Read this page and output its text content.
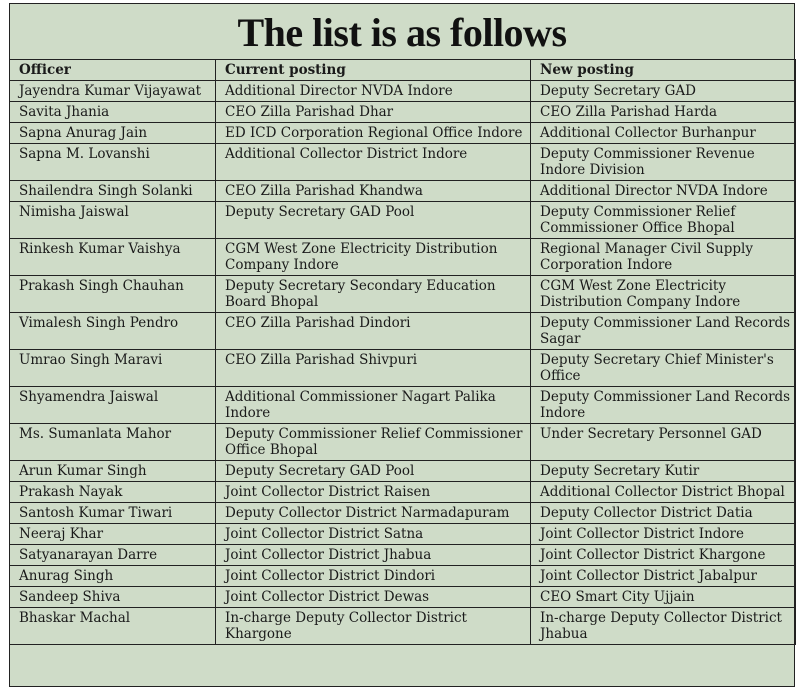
The list is as follows
Officer	Current posting	New posting
Jayendra Kumar Vijayawat	Additional Director NVDA Indore	Deputy Secretary GAD
Savita Jhania	CEO Zilla Parishad Dhar	CEO Zilla Parishad Harda
Sapna Anurag Jain	ED ICD Corporation Regional Office Indore	Additional Collector Burhanpur
Sapna M. Lovanshi	Additional Collector District Indore	Deputy Commissioner Revenue Indore Division
Shailendra Singh Solanki	CEO Zilla Parishad Khandwa	Additional Director NVDA Indore
Nimisha Jaiswal	Deputy Secretary GAD Pool	Deputy Commissioner Relief Commissioner Office Bhopal
Rinkesh Kumar Vaishya	CGM West Zone Electricity Distribution Company Indore	Regional Manager Civil Supply Corporation Indore
Prakash Singh Chauhan	Deputy Secretary Secondary Education Board Bhopal	CGM West Zone Electricity Distribution Company Indore
Vimalesh Singh Pendro	CEO Zilla Parishad Dindori	Deputy Commissioner Land Records Sagar
Umrao Singh Maravi	CEO Zilla Parishad Shivpuri	Deputy Secretary Chief Minister's Office
Shyamendra Jaiswal	Additional Commissioner Nagart Palika Indore	Deputy Commissioner Land Records Indore
Ms. Sumanlata Mahor	Deputy Commissioner Relief Commissioner Office Bhopal	Under Secretary Personnel GAD
Arun Kumar Singh	Deputy Secretary GAD Pool	Deputy Secretary Kutir
Prakash Nayak	Joint Collector District Raisen	Additional Collector District Bhopal
Santosh Kumar Tiwari	Deputy Collector District Narmadapuram	Deputy Collector District Datia
Neeraj Khar	Joint Collector District Satna	Joint Collector District Indore
Satyanarayan Darre	Joint Collector District Jhabua	Joint Collector District Khargone
Anurag Singh	Joint Collector District Dindori	Joint Collector District Jabalpur
Sandeep Shiva	Joint Collector District Dewas	CEO Smart City Ujjain
Bhaskar Machal	In-charge Deputy Collector District Khargone	In-charge Deputy Collector District Jhabua
